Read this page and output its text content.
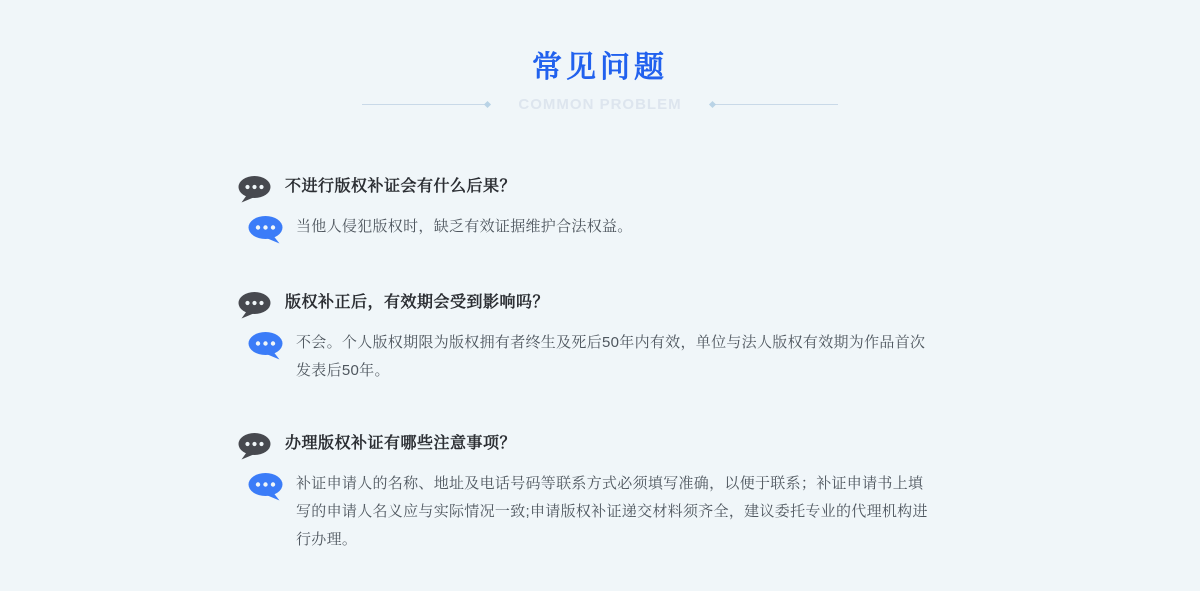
常见问题
COMMON PROBLEM
不进行版权补证会有什么后果？
当他人侵犯版权时，缺乏有效证据维护合法权益。
版权补正后，有效期会受到影响吗？
不会。个人版权期限为版权拥有者终生及死后50年内有效，单位与法人版权有效期为作品首次发表后50年。
办理版权补证有哪些注意事项？
补证申请人的名称、地址及电话号码等联系方式必须填写准确，以便于联系；补证申请书上填写的申请人名义应与实际情况一致;申请版权补证递交材料须齐全，建议委托专业的代理机构进行办理。
